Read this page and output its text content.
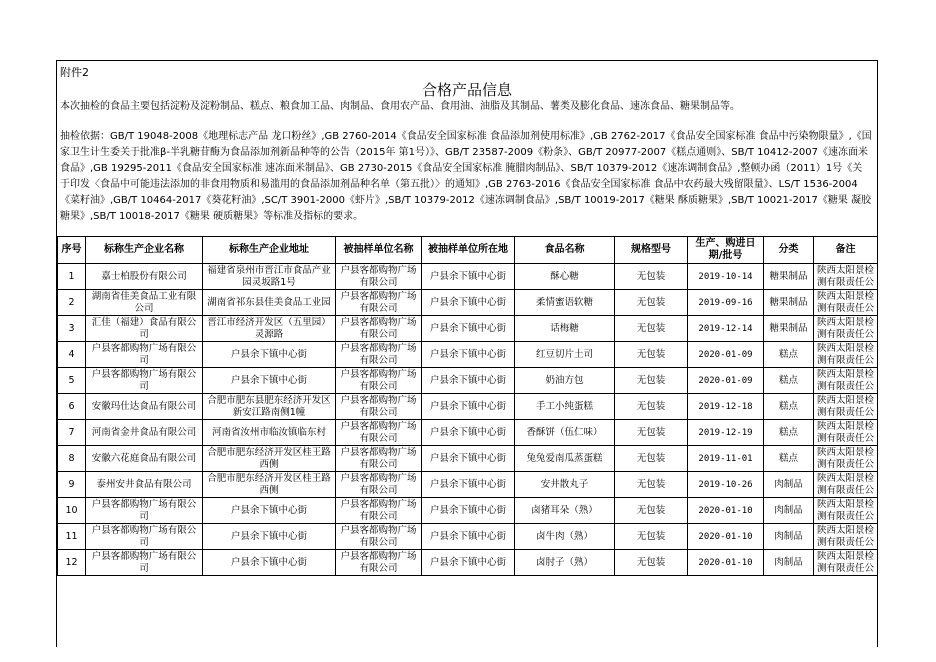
附件2
合格产品信息
本次抽检的食品主要包括淀粉及淀粉制品、糕点、粮食加工品、肉制品、食用农产品、食用油、油脂及其制品、薯类及膨化食品、速冻食品、糖果制品等。
抽检依据：GB/T 19048-2008《地理标志产品 龙口粉丝》,GB 2760-2014《食品安全国家标准 食品添加剂使用标准》,GB 2762-2017《食品安全国家标准 食品中污染物限量》,《国家卫生计生委关于批准β-半乳糖苷酶为食品添加剂新品种等的公告（2015年 第1号）》、GB/T 23587-2009《粉条》、GB/T 20977-2007《糕点通则》、SB/T 10412-2007《速冻面米食品》,GB 19295-2011《食品安全国家标准 速冻面米制品》、GB 2730-2015《食品安全国家标准 腌腊肉制品》、SB/T 10379-2012《速冻调制食品》,整顿办函（2011）1号《关于印发〈食品中可能违法添加的非食用物质和易滥用的食品添加剂品种名单（第五批）〉的通知》,GB 2763-2016《食品安全国家标准 食品中农药最大残留限量》、LS/T 1536-2004《菜籽油》,GB/T 10464-2017《葵花籽油》,SC/T 3901-2000《虾片》,SB/T 10379-2012《速冻调制食品》,SB/T 10019-2017《糖果 酥质糖果》,SB/T 10021-2017《糖果 凝胶糖果》,SB/T 10018-2017《糖果 硬质糖果》等标准及指标的要求。
序号	标称生产企业名称	标称生产企业地址	被抽样单位名称	被抽样单位所在地	食品名称	规格型号	生产、购进日期/批号	分类	备注
1	嘉士柏股份有限公司	福建省泉州市晋江市食品产业园灵坂路1号	户县客都购物广场有限公司	户县余下镇中心街	酥心糖	无包装	2019-10-14	糖果制品	陕西太阳景检测有限责任公
2	湖南省佳美食品工业有限公司	湖南省祁东县佳美食品工业园	户县客都购物广场有限公司	户县余下镇中心街	柔情蜜语软糖	无包装	2019-09-16	糖果制品	陕西太阳景检测有限责任公
3	汇佳（福建）食品有限公司	晋江市经济开发区（五里园）灵源路	户县客都购物广场有限公司	户县余下镇中心街	话梅糖	无包装	2019-12-14	糖果制品	陕西太阳景检测有限责任公
4	户县客都购物广场有限公司	户县余下镇中心街	户县客都购物广场有限公司	户县余下镇中心街	红豆切片土司	无包装	2020-01-09	糕点	陕西太阳景检测有限责任公
5	户县客都购物广场有限公司	户县余下镇中心街	户县客都购物广场有限公司	户县余下镇中心街	奶油方包	无包装	2020-01-09	糕点	陕西太阳景检测有限责任公
6	安徽玛仕达食品有限公司	合肥市肥东县肥东经济开发区新安江路南侧1幢	户县客都购物广场有限公司	户县余下镇中心街	手工小纯蛋糕	无包装	2019-12-18	糕点	陕西太阳景检测有限责任公
7	河南省金井食品有限公司	河南省汝州市临汝镇临东村	户县客都购物广场有限公司	户县余下镇中心街	香酥饼（伍仁味）	无包装	2019-12-19	糕点	陕西太阳景检测有限责任公
8	安徽六花庭食品有限公司	合肥市肥东经济开发区桂王路西侧	户县客都购物广场有限公司	户县余下镇中心街	兔兔爱南瓜蒸蛋糕	无包装	2019-11-01	糕点	陕西太阳景检测有限责任公
9	泰州安井食品有限公司	合肥市肥东经济开发区桂王路西侧	户县客都购物广场有限公司	户县余下镇中心街	安井散丸子	无包装	2019-10-26	肉制品	陕西太阳景检测有限责任公
10	户县客都购物广场有限公司	户县余下镇中心街	户县客都购物广场有限公司	户县余下镇中心街	卤猪耳朵（熟）	无包装	2020-01-10	肉制品	陕西太阳景检测有限责任公
11	户县客都购物广场有限公司	户县余下镇中心街	户县客都购物广场有限公司	户县余下镇中心街	卤牛肉（熟）	无包装	2020-01-10	肉制品	陕西太阳景检测有限责任公
12	户县客都购物广场有限公司	户县余下镇中心街	户县客都购物广场有限公司	户县余下镇中心街	卤肘子（熟）	无包装	2020-01-10	肉制品	陕西太阳景检测有限责任公
